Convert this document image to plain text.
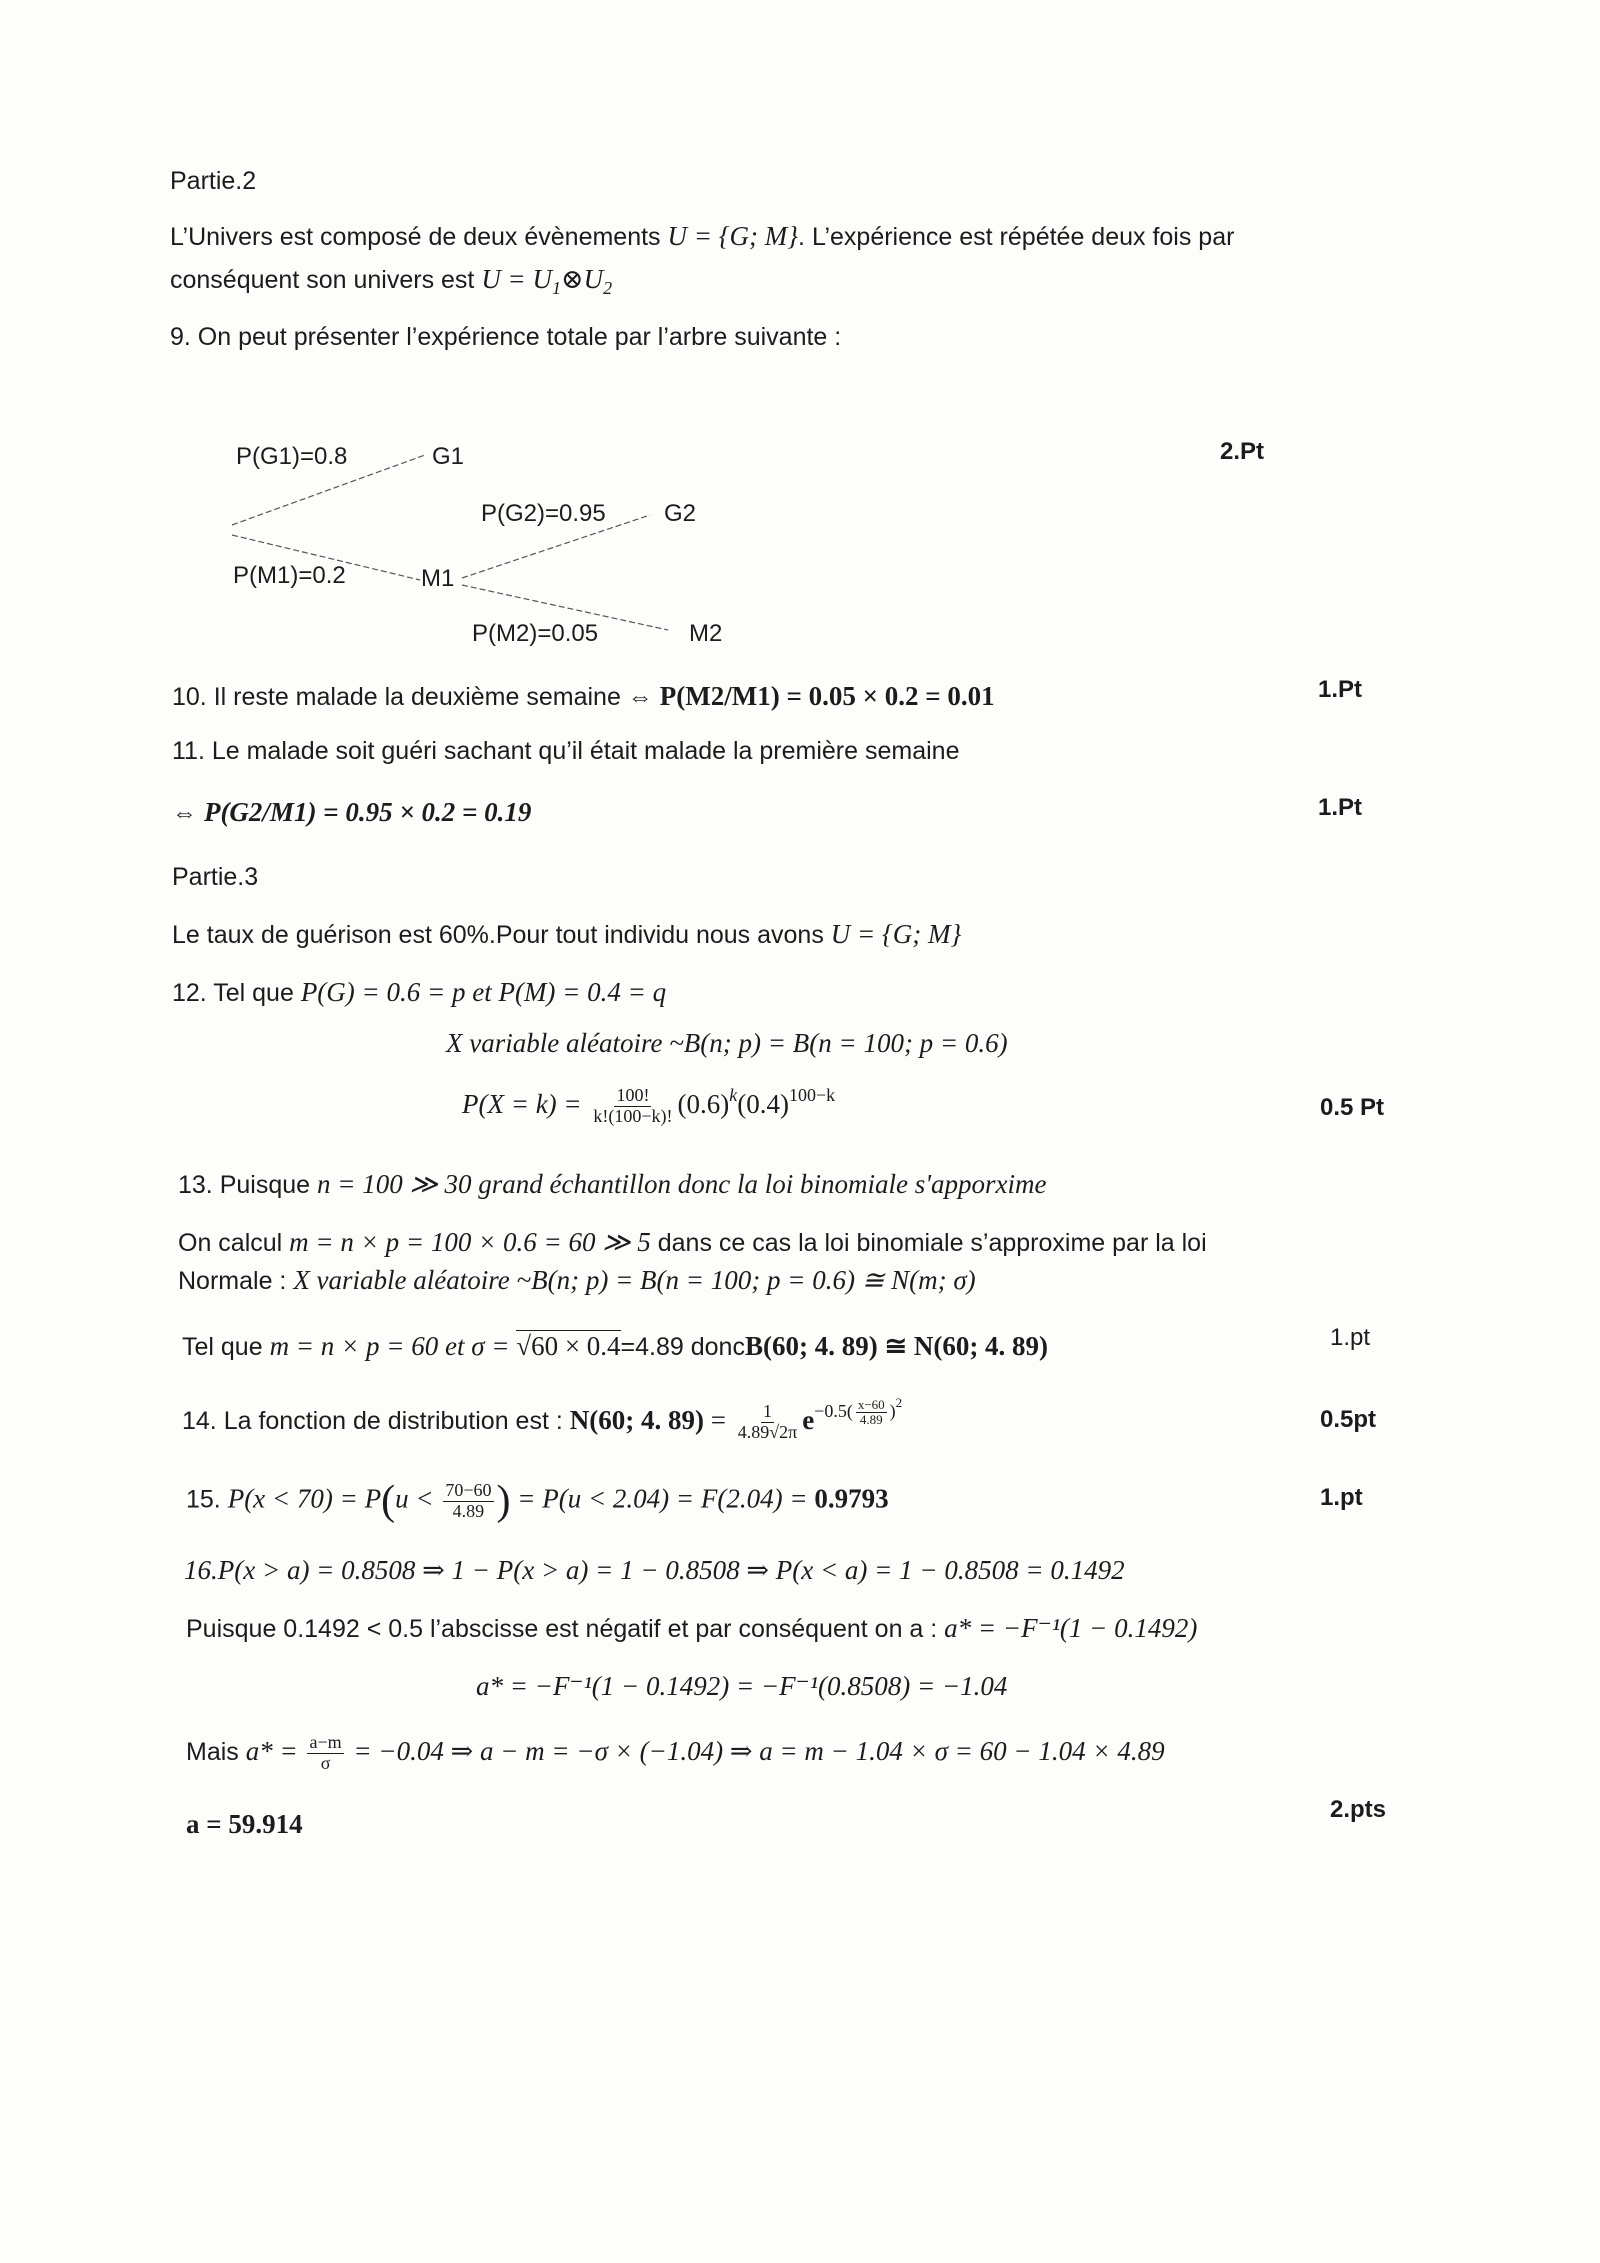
Partie.2
L’Univers est composé de deux évènements U = {G; M}. L’expérience est répétée deux fois par
conséquent son univers est $U = U_1\otimes U_2$
9. On peut présenter l’expérience totale par l’arbre suivante :
P(G1)=0.8	G1
P(G2)=0.95 G2
P(M1)=0.2	M1
P(M2)=0.05	M2
2.Pt
10. Il reste malade la deuxième semaine ⇔ P(M2/M1) = 0.05 × 0.2 = 0.01	1.Pt
11. Le malade soit guéri sachant qu’il était malade la première semaine
⇔ P(G2/M1) = 0.95 × 0.2 = 0.19	1.Pt
Partie.3
Le taux de guérison est 60%.Pour tout individu nous avons U = {G; M}
12. Tel que P(G) = 0.6 = p et P(M) = 0.4 = q
X variable aléatoire ~B(n; p) = B(n = 100; p = 0.6)
$P(X = k) = \frac{100!}{k!(100-k)!} (0.6)^k(0.4)^{100-k}$	0.5 Pt
13. Puisque n = 100 ≫ 30 grand échantillon donc la loi binomiale s'apporxime
On calcul m = n × p = 100 × 0.6 = 60 ≫ 5 dans ce cas la loi binomiale s’approxime par la loi
Normale : X variable aléatoire ~B(n; p) = B(n = 100; p = 0.6) ≅ N(m; σ)
Tel que m = n × p = 60 et σ = √60 × 0.4=4.89 doncB(60; 4. 89) ≅ N(60; 4. 89)	1.pt
14. La fonction de distribution est : N(60; 4. $89) = \frac{1}{4.89√2\pi} e^{-0.5( \frac{x-60}{4.89} )^2}$
0.5pt
15. $P(x < 70) = P(u < \frac{70-60}{4.89}$ ) = P(u < 2.04) = F(2.04) = 0.9793	1.pt
16.P(x > a) = 0.8508 ⇒ 1 − P(x > a) = 1 − 0.8508 ⇒ P(x < a) = 1 − 0.8508 = 0.1492
Puisque 0.1492 < 0.5 l’abscisse est négatif et par conséquent on a : a* = −F⁻¹(1 − 0.1492)
a* = −F⁻¹(1 − 0.1492) = −F⁻¹(0.8508) = −1.04
Mais $a* = \frac{a-m}{\sigma} = -0.04$ ⇒ a − m = −σ × (−1.04) ⇒ a = m − 1.04 × σ = 60 − 1.04 × 4.89
a = 59.914	2.pts
